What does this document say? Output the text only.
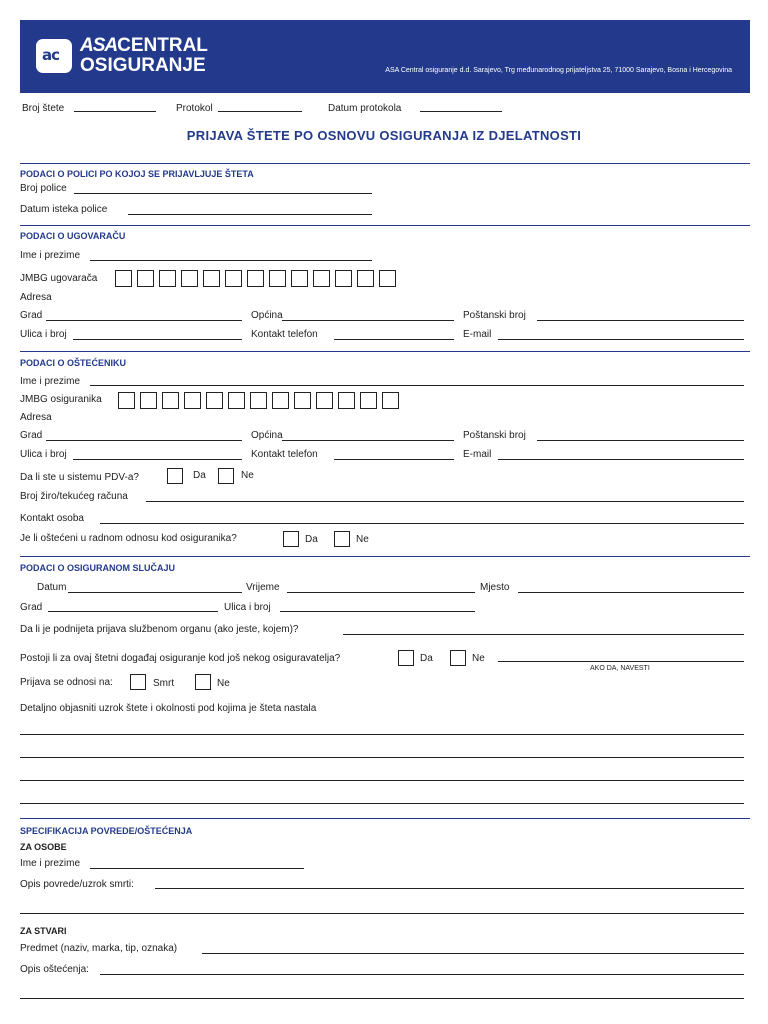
ac ASACENTRAL
OSIGURANJE	ASA Central osiguranje d.d. Sarajevo, Trg međunarodnog prijateljstva 25, 71000 Sarajevo, Bosna i Hercegovina
Broj štete	Protokol	Datum protokola
PRIJAVA ŠTETE PO OSNOVU OSIGURANJA IZ DJELATNOSTI
PODACI O POLICI PO KOJOJ SE PRIJAVLJUJE ŠTETA
Broj police
Datum isteka police
PODACI O UGOVARAČU
Ime i prezime
JMBG ugovarača
Adresa
Grad	Općina	Poštanski broj
Ulica i broj	Kontakt telefon	E-mail
PODACI O OŠTEĆENIKU
Ime i prezime
JMBG osiguranika
Adresa
Grad	Općina	Poštanski broj
Ulica i broj	Kontakt telefon	E-mail
Da li ste u sistemu PDV-a?	Da	Ne
Broj žiro/tekućeg računa
Kontakt osoba
Je li oštećeni u radnom odnosu kod osiguranika?	Da	Ne
PODACI O OSIGURANOM SLUČAJU
Datum	Vrijeme	Mjesto
Grad	Ulica i broj
Da li je podnijeta prijava službenom organu (ako jeste, kojem)?
Postoji li za ovaj štetni događaj osiguranje kod još nekog osiguravatelja?	Da	Ne
AKO DA, NAVESTI
Prijava se odnosi na:	Smrt	Ne
Detaljno objasniti uzrok štete i okolnosti pod kojima je šteta nastala
SPECIFIKACIJA POVREDE/OŠTEĆENJA
ZA OSOBE
Ime i prezime
Opis povrede/uzrok smrti:
ZA STVARI
Predmet (naziv, marka, tip, oznaka)
Opis oštećenja:
